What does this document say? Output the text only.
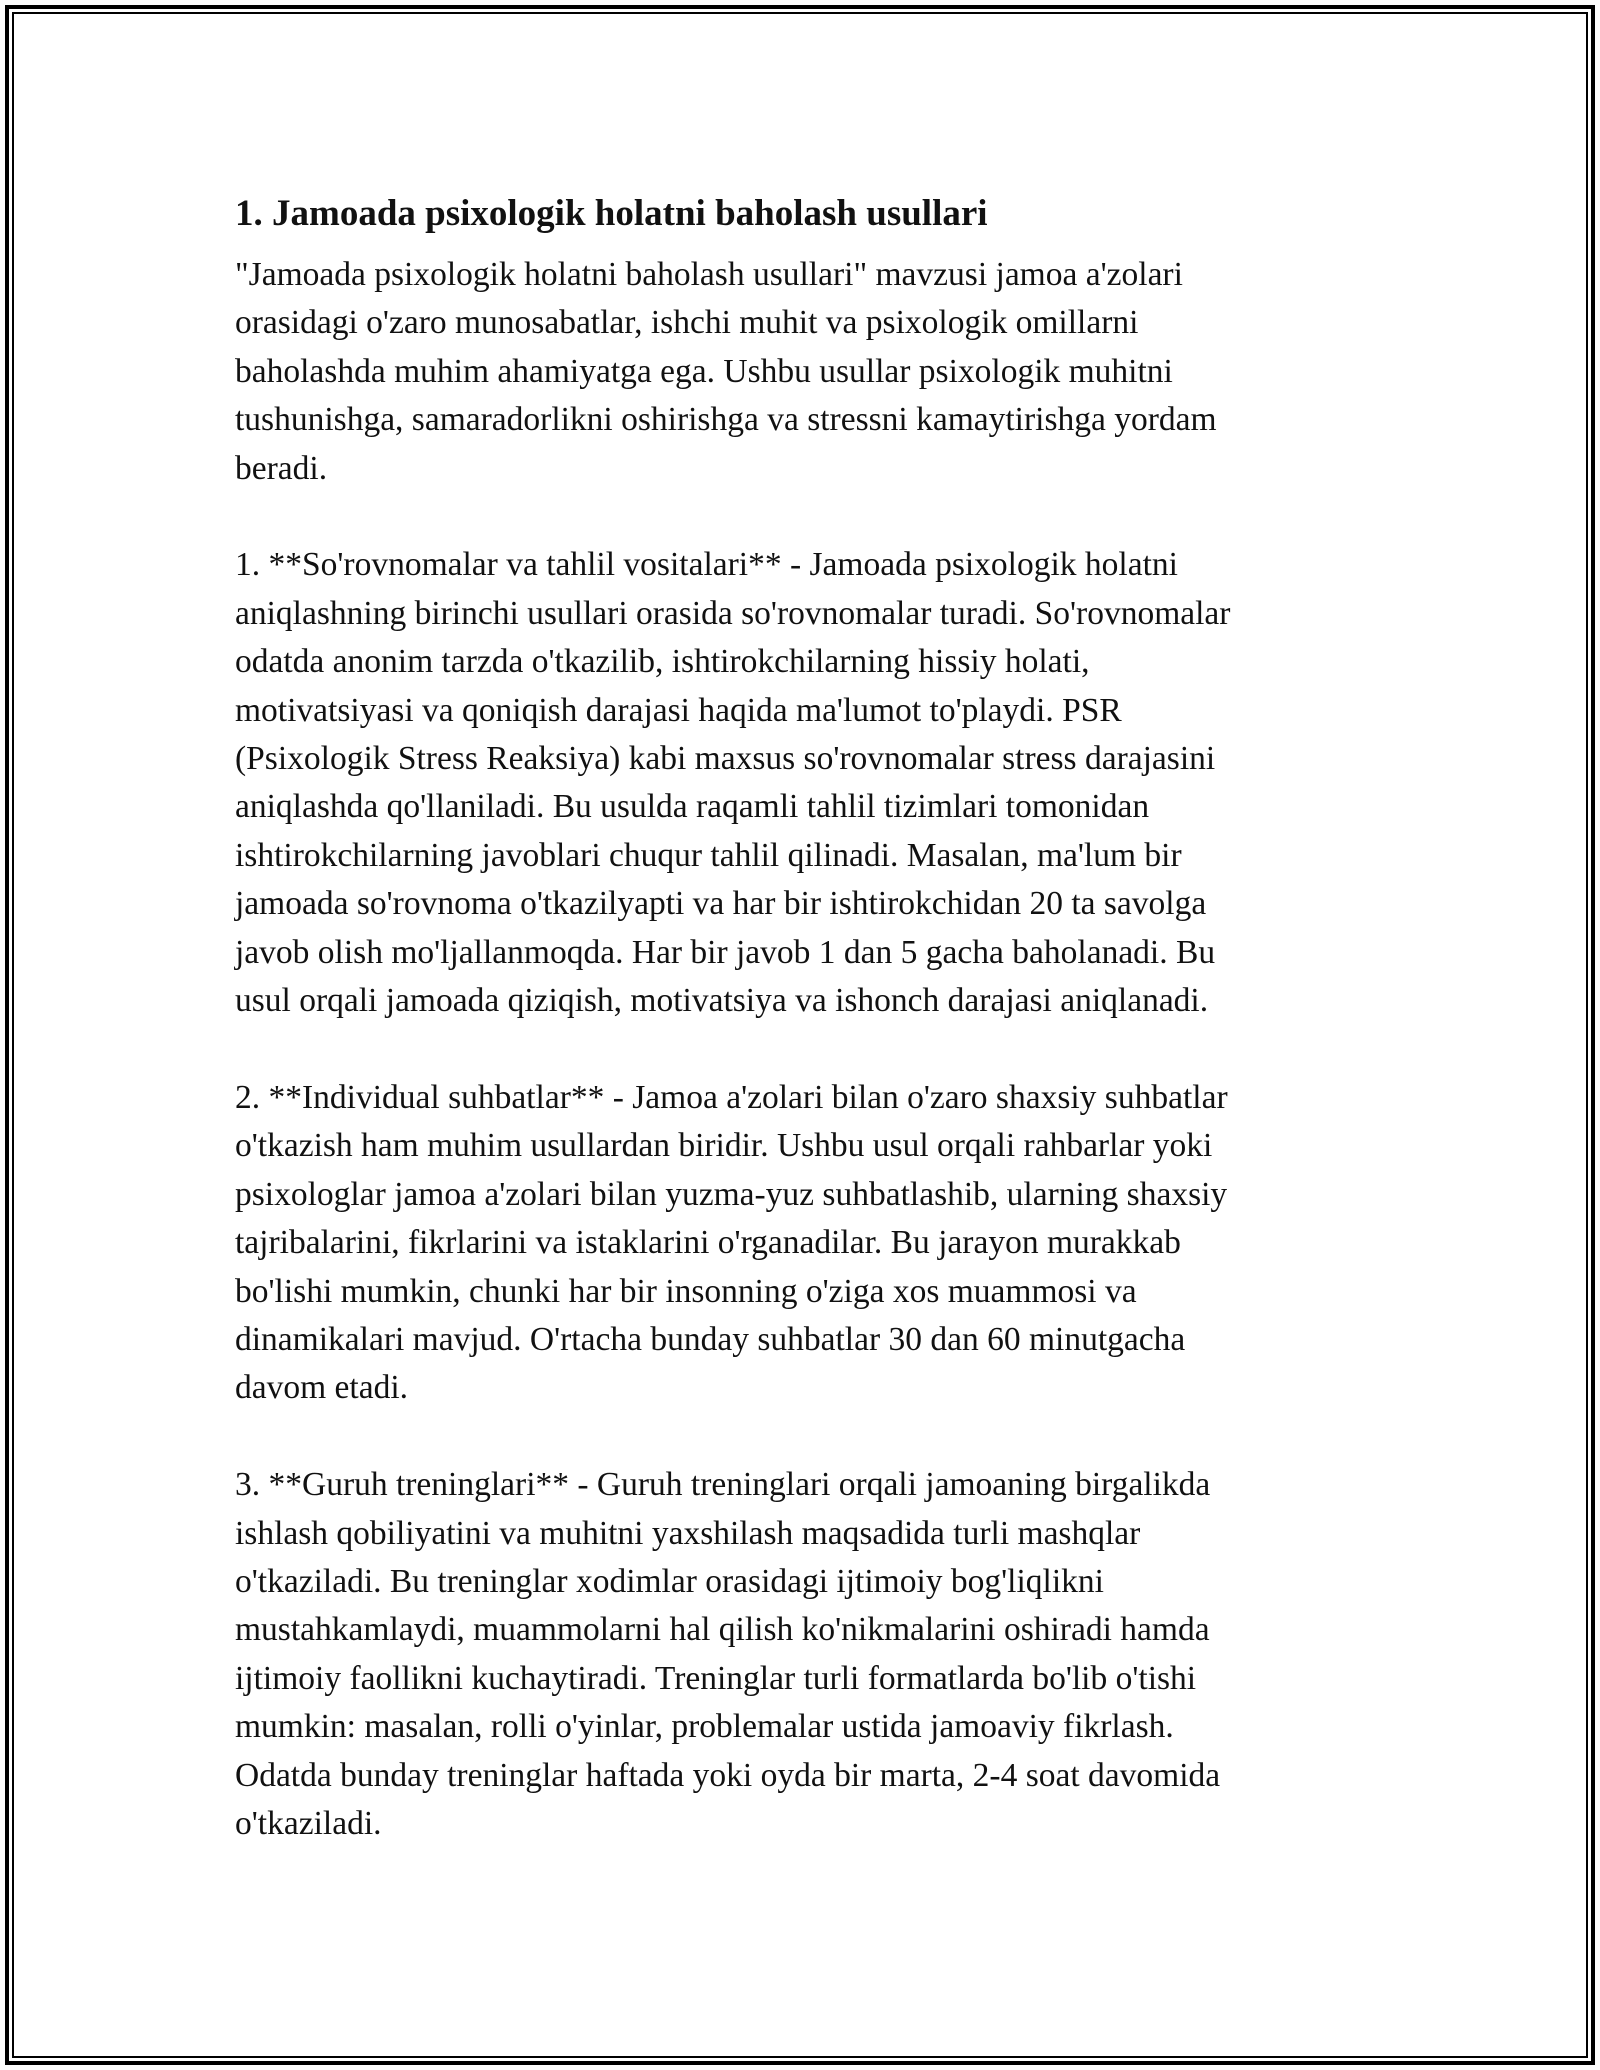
1. Jamoada psixologik holatni baholash usullari

"Jamoada psixologik holatni baholash usullari" mavzusi jamoa a'zolari
orasidagi o'zaro munosabatlar, ishchi muhit va psixologik omillarni
baholashda muhim ahamiyatga ega. Ushbu usullar psixologik muhitni
tushunishga, samaradorlikni oshirishga va stressni kamaytirishga yordam
beradi.

1. **So'rovnomalar va tahlil vositalari** - Jamoada psixologik holatni
aniqlashning birinchi usullari orasida so'rovnomalar turadi. So'rovnomalar
odatda anonim tarzda o'tkazilib, ishtirokchilarning hissiy holati,
motivatsiyasi va qoniqish darajasi haqida ma'lumot to'playdi. PSR
(Psixologik Stress Reaksiya) kabi maxsus so'rovnomalar stress darajasini
aniqlashda qo'llaniladi. Bu usulda raqamli tahlil tizimlari tomonidan
ishtirokchilarning javoblari chuqur tahlil qilinadi. Masalan, ma'lum bir
jamoada so'rovnoma o'tkazilyapti va har bir ishtirokchidan 20 ta savolga
javob olish mo'ljallanmoqda. Har bir javob 1 dan 5 gacha baholanadi. Bu
usul orqali jamoada qiziqish, motivatsiya va ishonch darajasi aniqlanadi.

2. **Individual suhbatlar** - Jamoa a'zolari bilan o'zaro shaxsiy suhbatlar
o'tkazish ham muhim usullardan biridir. Ushbu usul orqali rahbarlar yoki
psixologlar jamoa a'zolari bilan yuzma-yuz suhbatlashib, ularning shaxsiy
tajribalarini, fikrlarini va istaklarini o'rganadilar. Bu jarayon murakkab
bo'lishi mumkin, chunki har bir insonning o'ziga xos muammosi va
dinamikalari mavjud. O'rtacha bunday suhbatlar 30 dan 60 minutgacha
davom etadi.

3. **Guruh treninglari** - Guruh treninglari orqali jamoaning birgalikda
ishlash qobiliyatini va muhitni yaxshilash maqsadida turli mashqlar
o'tkaziladi. Bu treninglar xodimlar orasidagi ijtimoiy bog'liqlikni
mustahkamlaydi, muammolarni hal qilish ko'nikmalarini oshiradi hamda
ijtimoiy faollikni kuchaytiradi. Treninglar turli formatlarda bo'lib o'tishi
mumkin: masalan, rolli o'yinlar, problemalar ustida jamoaviy fikrlash.
Odatda bunday treninglar haftada yoki oyda bir marta, 2-4 soat davomida
o'tkaziladi.
